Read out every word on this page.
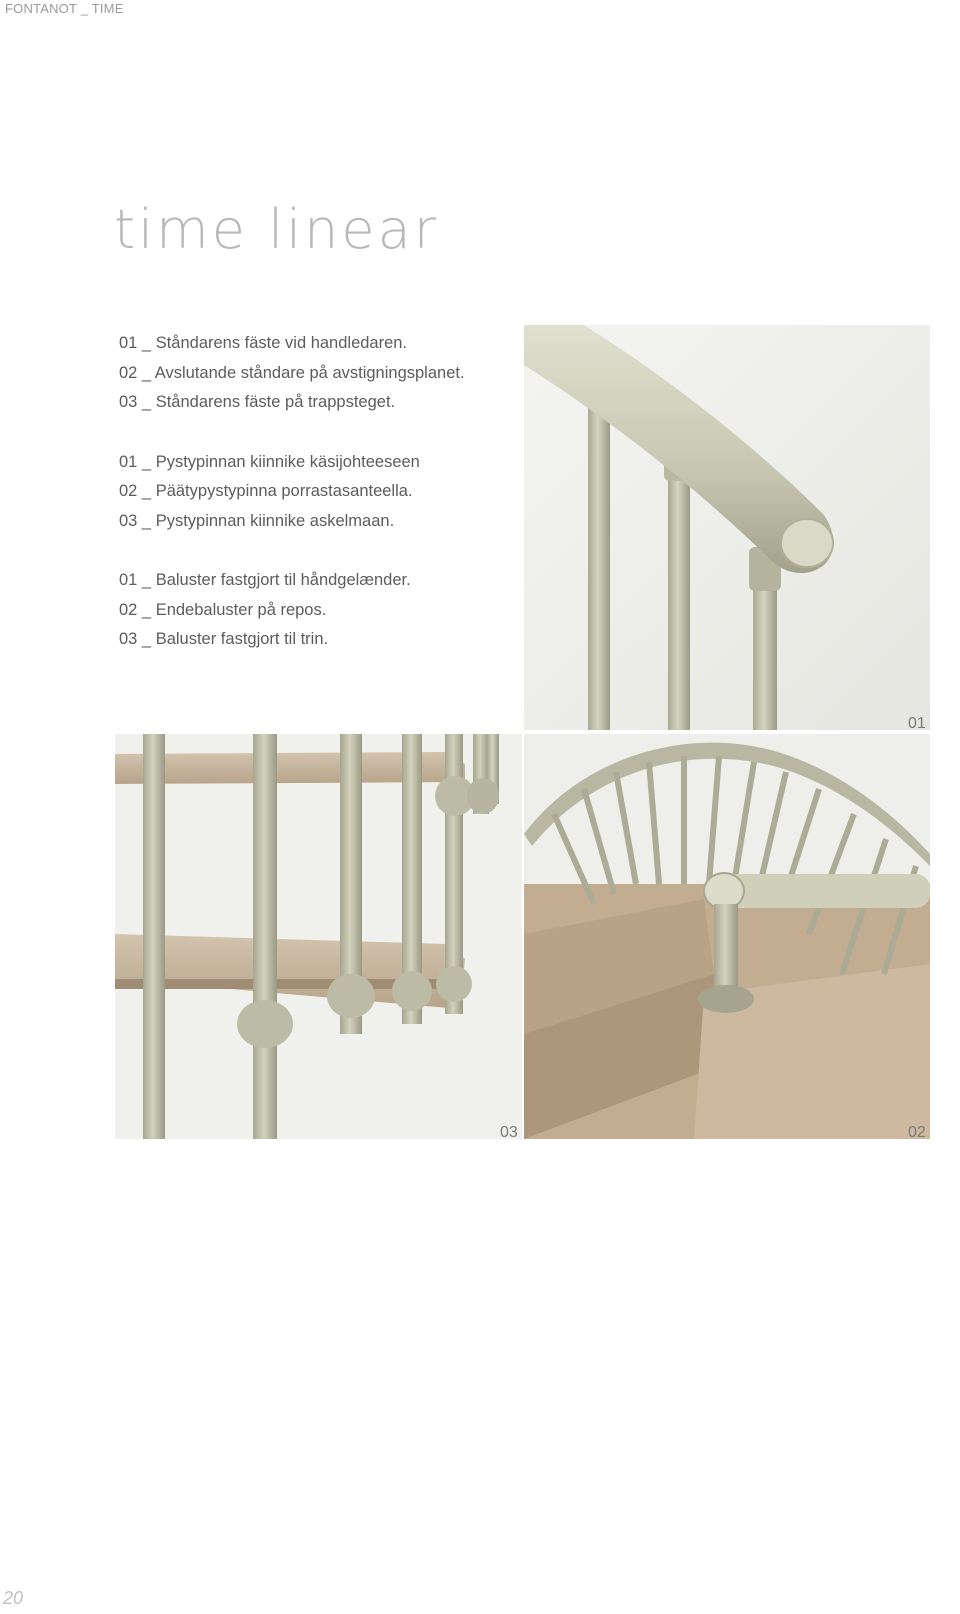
FONTANOT _ TIME
time linear
01 _ Ståndarens fäste vid handledaren.
02 _ Avslutande ståndare på avstigningsplanet.
03 _ Ståndarens fäste på trappsteget.
01 _ Pystypinnan kiinnike käsijohteeseen
02 _ Päätypystypinna porrastasanteella.
03 _ Pystypinnan kiinnike askelmaan.
01 _ Baluster fastgjort til håndgelænder.
02 _ Endebaluster på repos.
03 _ Baluster fastgjort til trin.
01
03	02
20
